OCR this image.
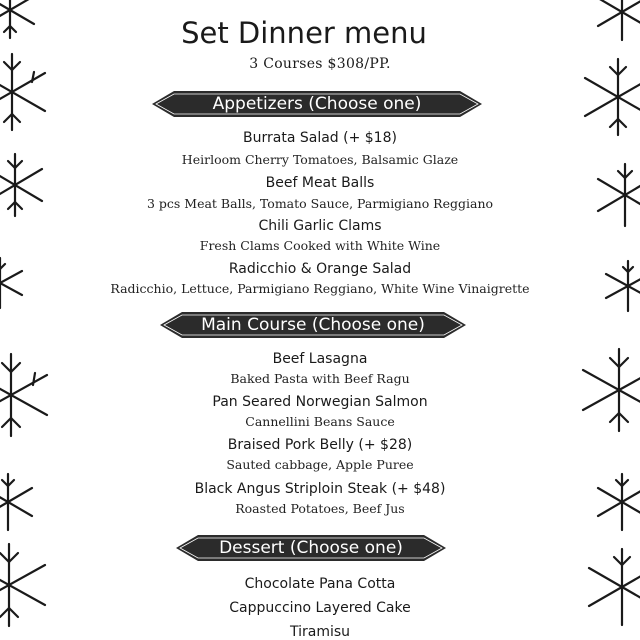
Set Dinner menu
3 Courses $308/PP.
Appetizers (Choose one)
Burrata Salad (+ $18)
Heirloom Cherry Tomatoes, Balsamic Glaze
Beef Meat Balls
3 pcs Meat Balls, Tomato Sauce, Parmigiano Reggiano
Chili Garlic Clams
Fresh Clams Cooked with White Wine
Radicchio & Orange Salad
Radicchio, Lettuce, Parmigiano Reggiano, White Wine Vinaigrette
Main Course (Choose one)
Beef Lasagna
Baked Pasta with Beef Ragu
Pan Seared Norwegian Salmon
Cannellini Beans Sauce
Braised Pork Belly (+ $28)
Sauted cabbage, Apple Puree
Black Angus Striploin Steak (+ $48)
Roasted Potatoes, Beef Jus
Dessert (Choose one)
Chocolate Pana Cotta
Cappuccino Layered Cake
Tiramisu
